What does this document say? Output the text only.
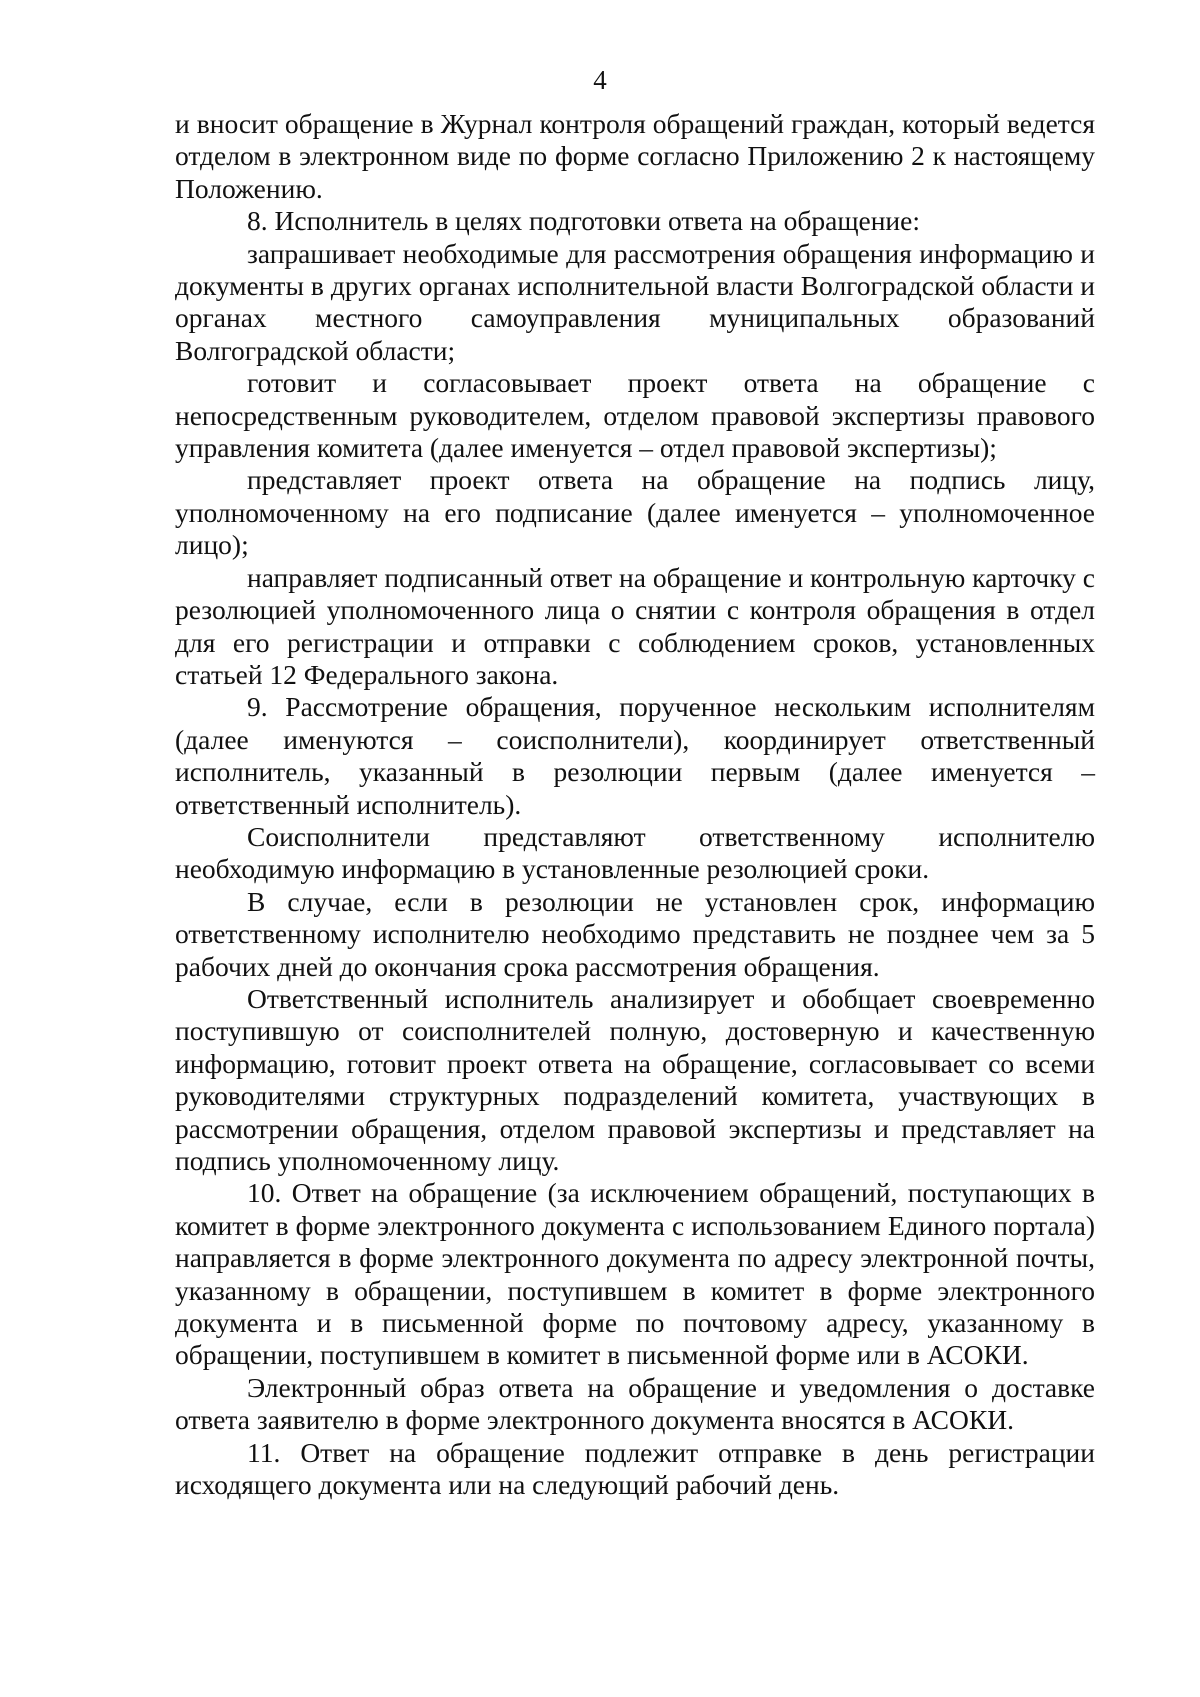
4

и вносит обращение в Журнал контроля обращений граждан, который ведется отделом в электронном виде по форме согласно Приложению 2 к настоящему Положению.

8. Исполнитель в целях подготовки ответа на обращение:

запрашивает необходимые для рассмотрения обращения информацию и документы в других органах исполнительной власти Волгоградской области и органах местного самоуправления муниципальных образований Волгоградской области;

готовит и согласовывает проект ответа на обращение с непосредственным руководителем, отделом правовой экспертизы правового управления комитета (далее именуется – отдел правовой экспертизы);

представляет проект ответа на обращение на подпись лицу, уполномоченному на его подписание (далее именуется – уполномоченное лицо);

направляет подписанный ответ на обращение и контрольную карточку с резолюцией уполномоченного лица о снятии с контроля обращения в отдел для его регистрации и отправки с соблюдением сроков, установленных статьей 12 Федерального закона.

9. Рассмотрение обращения, порученное нескольким исполнителям (далее именуются – соисполнители), координирует ответственный исполнитель, указанный в резолюции первым (далее именуется – ответственный исполнитель).

Соисполнители представляют ответственному исполнителю необходимую информацию в установленные резолюцией сроки.

В случае, если в резолюции не установлен срок, информацию ответственному исполнителю необходимо представить не позднее чем за 5 рабочих дней до окончания срока рассмотрения обращения.

Ответственный исполнитель анализирует и обобщает своевременно поступившую от соисполнителей полную, достоверную и качественную информацию, готовит проект ответа на обращение, согласовывает со всеми руководителями структурных подразделений комитета, участвующих в рассмотрении обращения, отделом правовой экспертизы и представляет на подпись уполномоченному лицу.

10. Ответ на обращение (за исключением обращений, поступающих в комитет в форме электронного документа с использованием Единого портала) направляется в форме электронного документа по адресу электронной почты, указанному в обращении, поступившем в комитет в форме электронного документа и в письменной форме по почтовому адресу, указанному в обращении, поступившем в комитет в письменной форме или в АСОКИ.

Электронный образ ответа на обращение и уведомления о доставке ответа заявителю в форме электронного документа вносятся в АСОКИ.

11. Ответ на обращение подлежит отправке в день регистрации исходящего документа или на следующий рабочий день.
